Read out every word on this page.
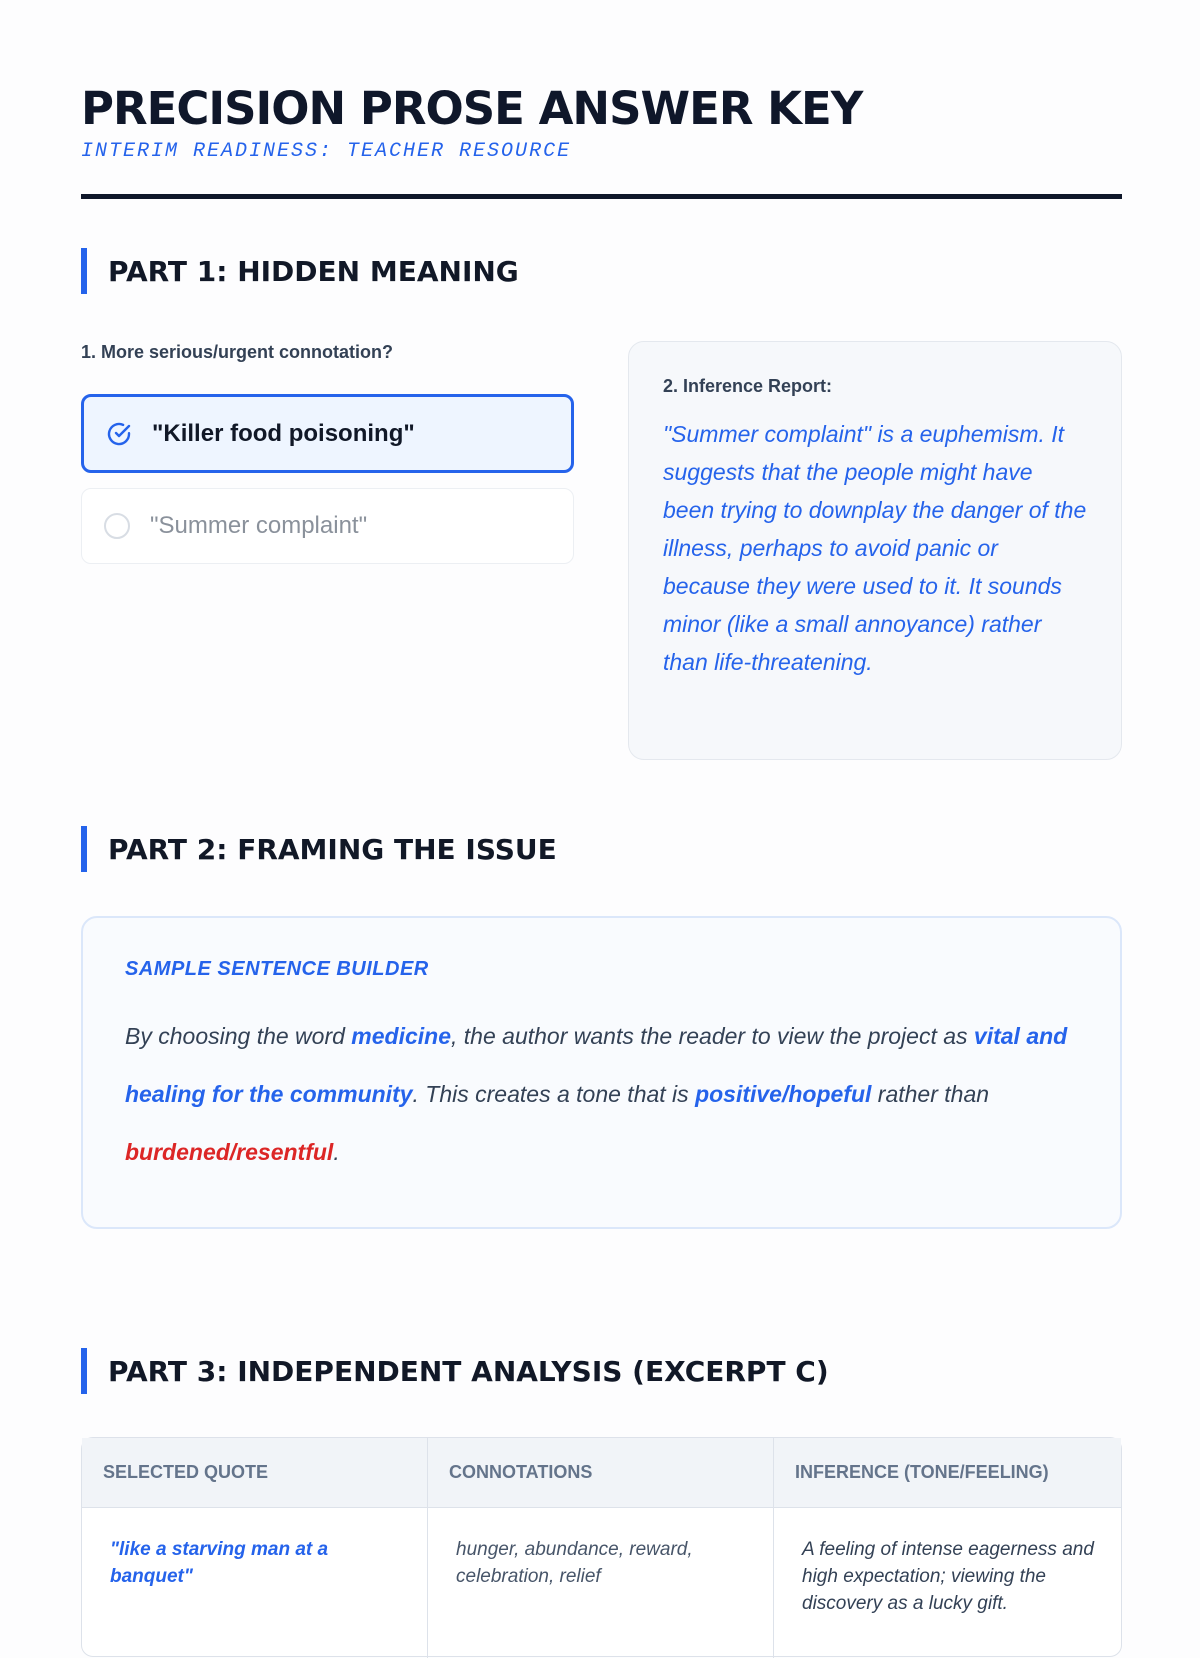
PRECISION PROSE ANSWER KEY
INTERIM READINESS: TEACHER RESOURCE
PART 1: HIDDEN MEANING
1. More serious/urgent connotation?
"Killer food poisoning"
"Summer complaint"
2. Inference Report:

"Summer complaint" is a euphemism. It suggests that the people might have been trying to downplay the danger of the illness, perhaps to avoid panic or because they were used to it. It sounds minor (like a small annoyance) rather than life-threatening.

PART 2: FRAMING THE ISSUE
SAMPLE SENTENCE BUILDER

By choosing the word medicine, the author wants the reader to view the project as vital and healing for the community. This creates a tone that is positive/hopeful rather than burdened/resentful.

PART 3: INDEPENDENT ANALYSIS (EXCERPT C)
SELECTED QUOTE	CONNOTATIONS	INFERENCE (TONE/FEELING)
"like a starving man at a banquet"
hunger, abundance, reward, celebration, relief
A feeling of intense eagerness and high expectation; viewing the discovery as a lucky gift.
